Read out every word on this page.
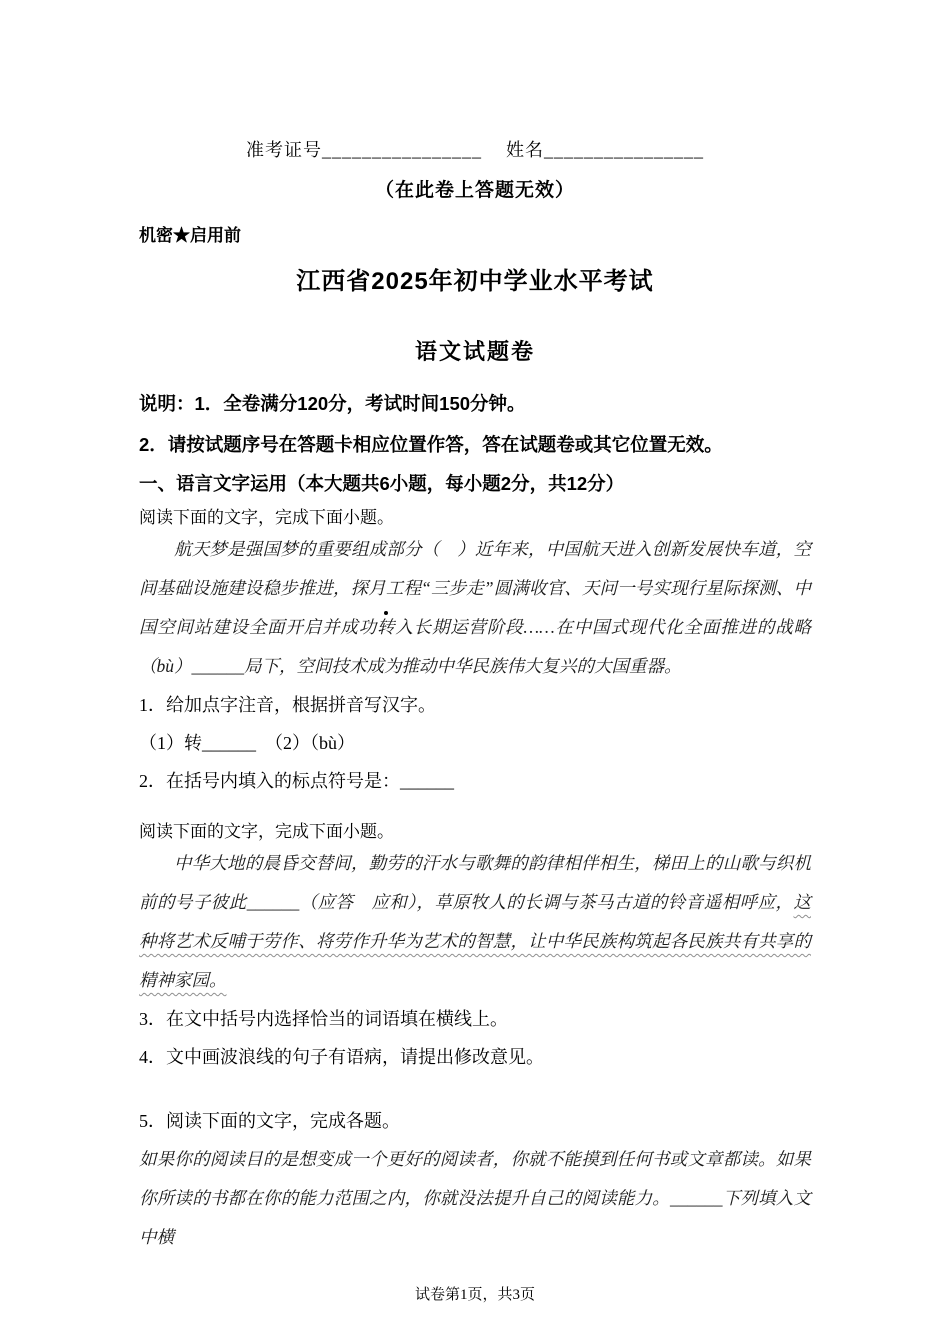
准考证号________________ 姓名________________
（在此卷上答题无效）
机密★启用前
江西省2025年初中学业水平考试
语文试题卷
说明：1．全卷满分120分，考试时间150分钟。
2．请按试题序号在答题卡相应位置作答，答在试题卷或其它位置无效。
一、语言文字运用（本大题共6小题，每小题2分，共12分）
阅读下面的文字，完成下面小题。

航天梦是强国梦的重要组成部分（　）近年来，中国航天进入创新发展快车道，空间基础设施建设稳步推进，探月工程“三步走”圆满收官、天问一号实现行星际探测、中国空间站建设全面开启并成功转入长期运营阶段……在中国式现代化全面推进的战略（bù）______局下，空间技术成为推动中华民族伟大复兴的大国重器。

1．给加点字注音，根据拼音写汉字。
（1）转______　（2）（bù）
2．在括号内填入的标点符号是：______
阅读下面的文字，完成下面小题。

中华大地的晨昏交替间，勤劳的汗水与歌舞的韵律相伴相生，梯田上的山歌与织机前的号子彼此______（应答　应和），草原牧人的长调与茶马古道的铃音遥相呼应，这种将艺术反哺于劳作、将劳作升华为艺术的智慧，让中华民族构筑起各民族共有共享的精神家园。

3．在文中括号内选择恰当的词语填在横线上。
4．文中画波浪线的句子有语病，请提出修改意见。
5．阅读下面的文字，完成各题。

如果你的阅读目的是想变成一个更好的阅读者，你就不能摸到任何书或文章都读。如果你所读的书都在你的能力范围之内，你就没法提升自己的阅读能力。______下列填入文中横

试卷第1页，共3页
